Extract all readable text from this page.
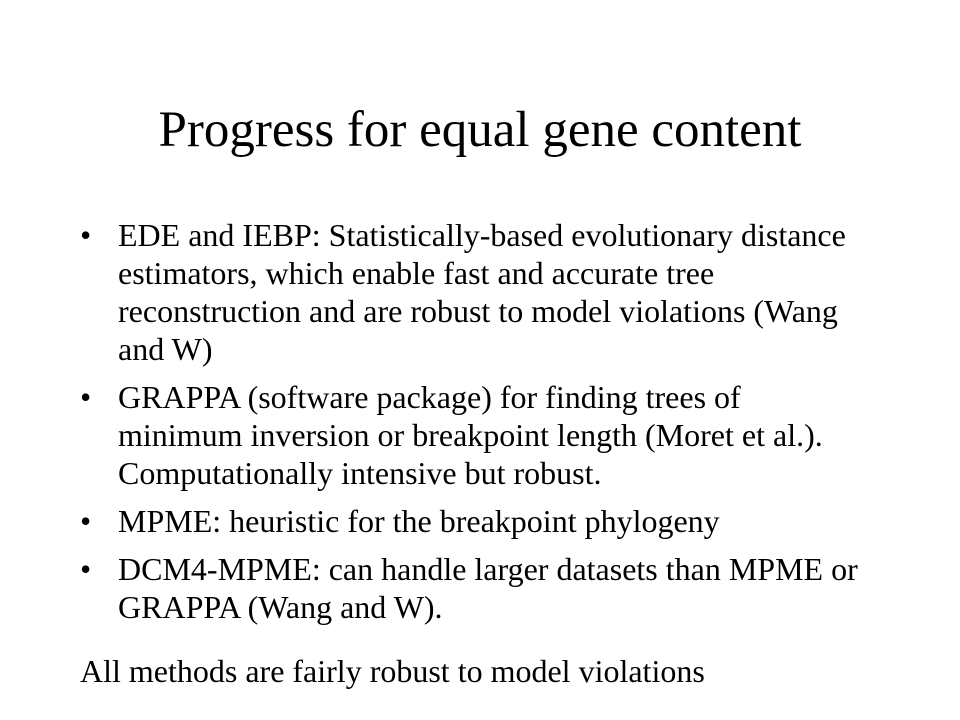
Progress for equal gene content
• EDE and IEBP: Statistically-based evolutionary distance estimators, which enable fast and accurate tree reconstruction and are robust to model violations (Wang and W)
• GRAPPA (software package) for finding trees of minimum inversion or breakpoint length (Moret et al.). Computationally intensive but robust.
• MPME: heuristic for the breakpoint phylogeny
• DCM4-MPME: can handle larger datasets than MPME or GRAPPA (Wang and W).

All methods are fairly robust to model violations
